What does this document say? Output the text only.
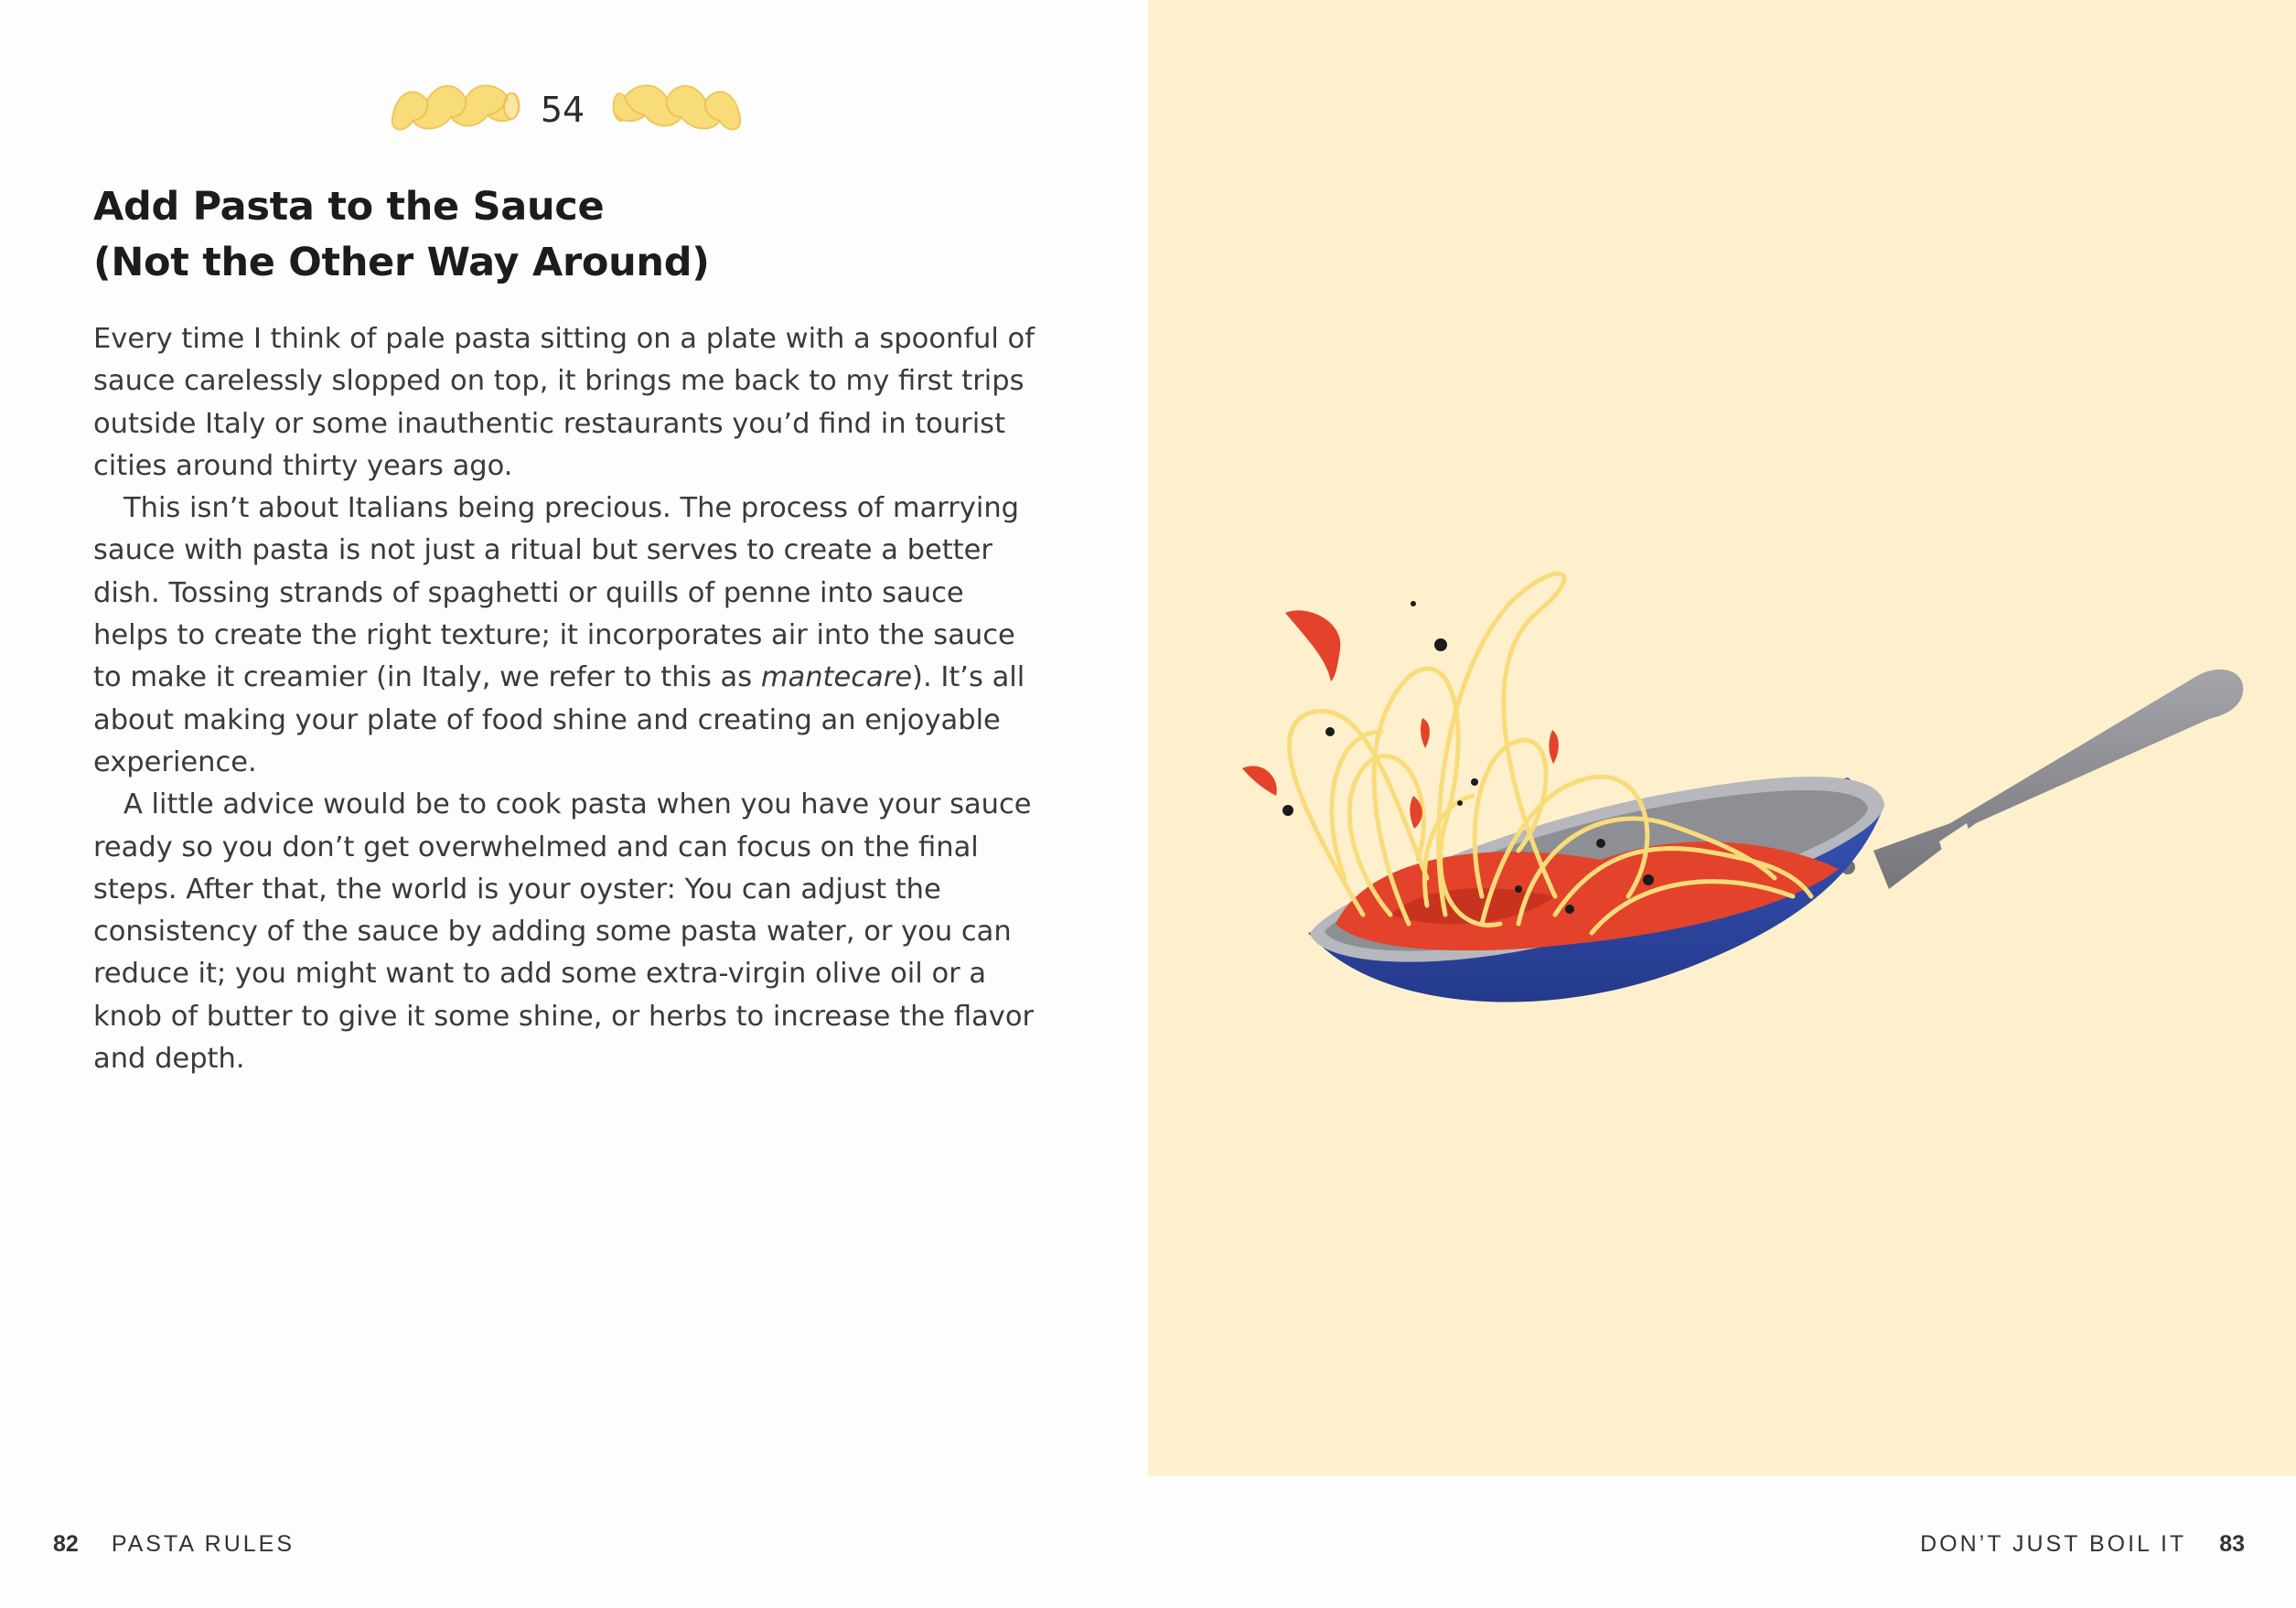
54
Add Pasta to the Sauce
(Not the Other Way Around)

Every time I think of pale pasta sitting on a plate with a spoonful of sauce carelessly slopped on top, it brings me back to my first trips outside Italy or some inauthentic restaurants you’d find in tourist cities around thirty years ago.

This isn’t about Italians being precious. The process of marrying sauce with pasta is not just a ritual but serves to create a better dish. Tossing strands of spaghetti or quills of penne into sauce helps to create the right texture; it incorporates air into the sauce to make it creamier (in Italy, we refer to this as mantecare). It’s all about making your plate of food shine and creating an enjoyable experience.

A little advice would be to cook pasta when you have your sauce ready so you don’t get overwhelmed and can focus on the final steps. After that, the world is your oyster: You can adjust the consistency of the sauce by adding some pasta water, or you can reduce it; you might want to add some extra-virgin olive oil or a knob of butter to give it some shine, or herbs to increase the flavor and depth.

82 PASTA RULES	DON’T JUST BOIL IT 83
